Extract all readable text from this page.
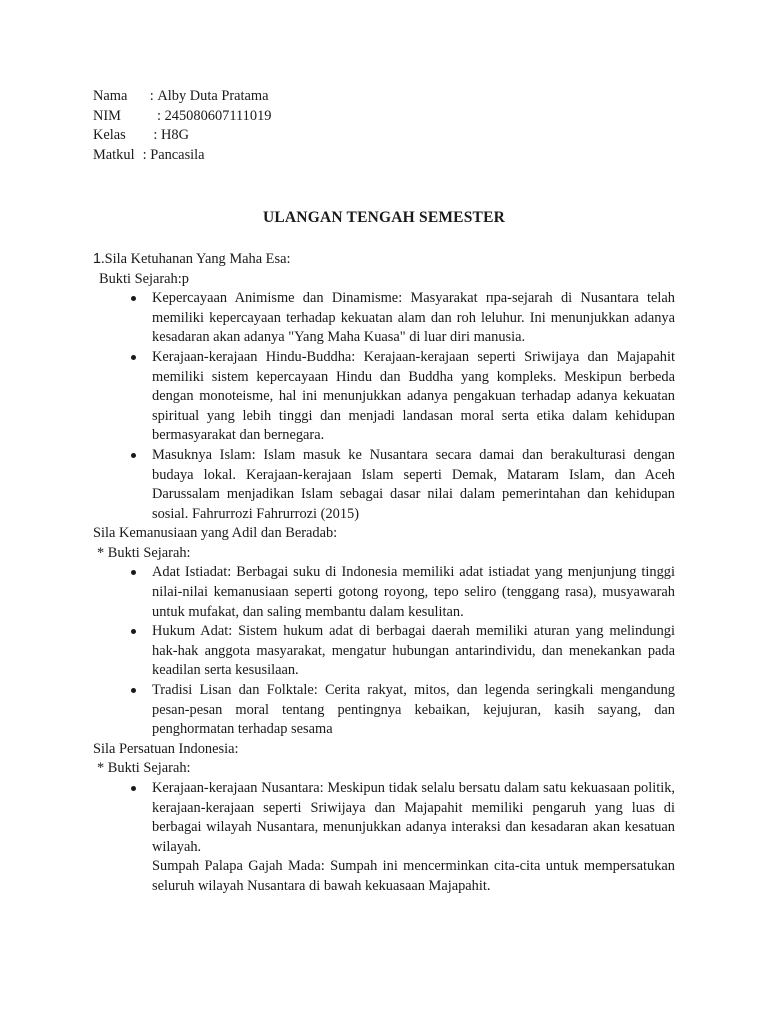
Nama : Alby Duta Pratama
NIM	: 245080607111019
Kelas : H8G
Matkul : Pancasila
ULANGAN TENGAH SEMESTER
1.Sila Ketuhanan Yang Maha Esa:
Bukti Sejarah:p
Kepercayaan Animisme dan Dinamisme: Masyarakat пра-sejarah di Nusantara telah memiliki kepercayaan terhadap kekuatan alam dan roh leluhur. Ini menunjukkan adanya kesadaran akan adanya "Yang Maha Kuasa" di luar diri manusia.
Kerajaan-kerajaan Hindu-Buddha: Kerajaan-kerajaan seperti Sriwijaya dan Majapahit memiliki sistem kepercayaan Hindu dan Buddha yang kompleks. Meskipun berbeda dengan monoteisme, hal ini menunjukkan adanya pengakuan terhadap adanya kekuatan spiritual yang lebih tinggi dan menjadi landasan moral serta etika dalam kehidupan bermasyarakat dan bernegara.
Masuknya Islam: Islam masuk ke Nusantara secara damai dan berakulturasi dengan budaya lokal. Kerajaan-kerajaan Islam seperti Demak, Mataram Islam, dan Aceh Darussalam menjadikan Islam sebagai dasar nilai dalam pemerintahan dan kehidupan sosial. Fahrurrozi Fahrurrozi (2015)
Sila Kemanusiaan yang Adil dan Beradab:
* Bukti Sejarah:
Adat Istiadat: Berbagai suku di Indonesia memiliki adat istiadat yang menjunjung tinggi nilai-nilai kemanusiaan seperti gotong royong, tepo seliro (tenggang rasa), musyawarah untuk mufakat, dan saling membantu dalam kesulitan.
Hukum Adat: Sistem hukum adat di berbagai daerah memiliki aturan yang melindungi hak-hak anggota masyarakat, mengatur hubungan antarindividu, dan menekankan pada keadilan serta kesusilaan.
Tradisi Lisan dan Folktale: Cerita rakyat, mitos, dan legenda seringkali mengandung pesan-pesan moral tentang pentingnya kebaikan, kejujuran, kasih sayang, dan penghormatan terhadap sesama
Sila Persatuan Indonesia:
* Bukti Sejarah:
Kerajaan-kerajaan Nusantara: Meskipun tidak selalu bersatu dalam satu kekuasaan politik, kerajaan-kerajaan seperti Sriwijaya dan Majapahit memiliki pengaruh yang luas di berbagai wilayah Nusantara, menunjukkan adanya interaksi dan kesadaran akan kesatuan wilayah.
Sumpah Palapa Gajah Mada: Sumpah ini mencerminkan cita-cita untuk mempersatukan seluruh wilayah Nusantara di bawah kekuasaan Majapahit.
